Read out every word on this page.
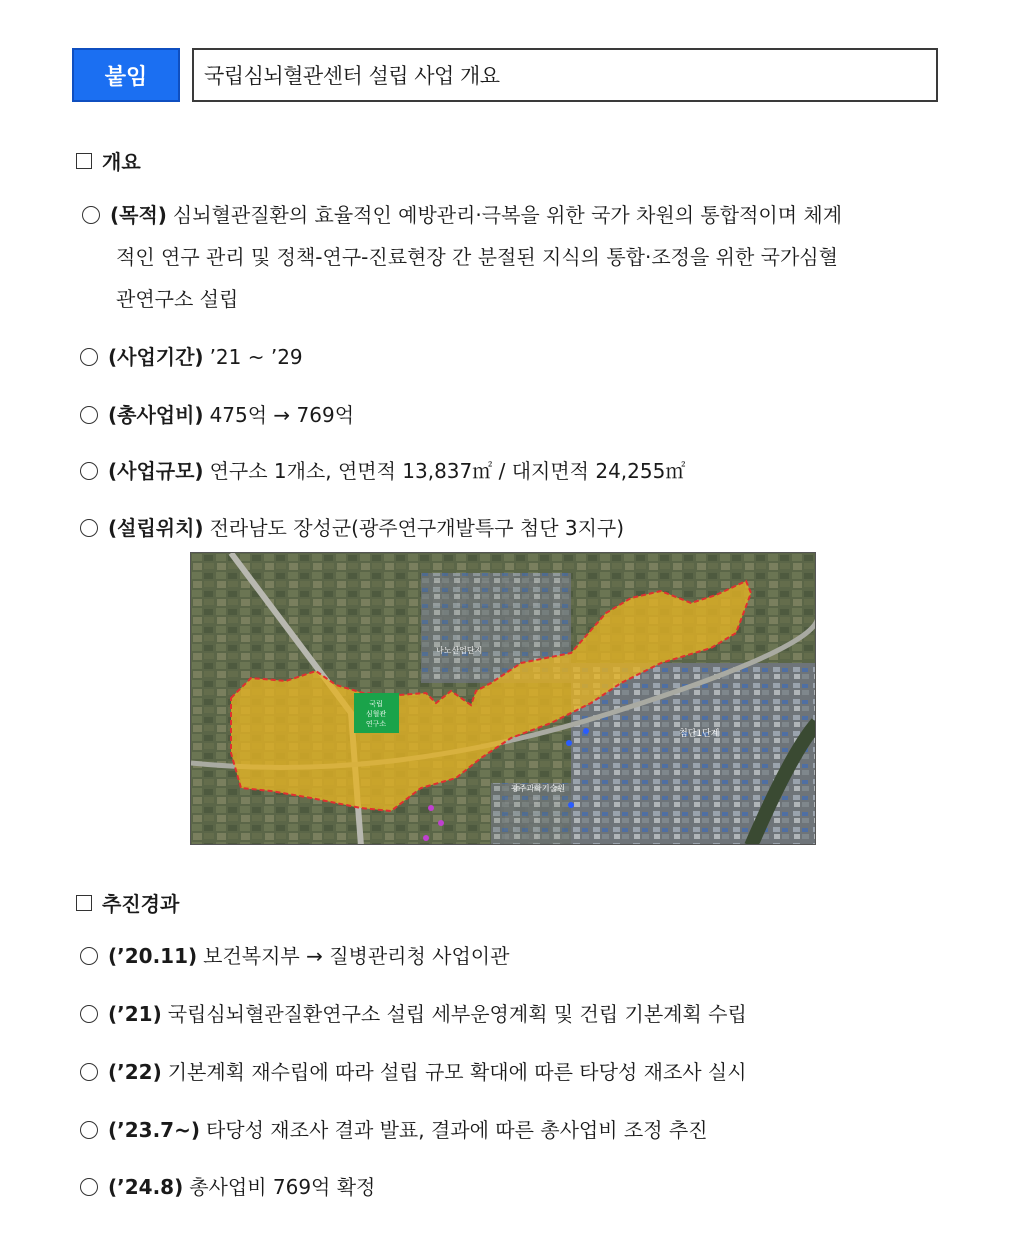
붙임	국립심뇌혈관센터 설립 사업 개요
개요
(목적) 심뇌혈관질환의 효율적인 예방관리·극복을 위한 국가 차원의 통합적이며 체계
적인 연구 관리 및 정책-연구-진료현장 간 분절된 지식의 통합·조정을 위한 국가심혈
관연구소 설립
(사업기간) ’21 ~ ’29
(총사업비) 475억 → 769억
(사업규모) 연구소 1개소, 연면적 13,837㎡ / 대지면적 24,255㎡
(설립위치) 전라남도 장성군(광주연구개발특구 첨단 3지구)
국립
심혈관
연구소
나노산업단지
첨단1단계
광주과학기술원
추진경과
(’20.11) 보건복지부 → 질병관리청 사업이관
(’21) 국립심뇌혈관질환연구소 설립 세부운영계획 및 건립 기본계획 수립
(’22) 기본계획 재수립에 따라 설립 규모 확대에 따른 타당성 재조사 실시
(’23.7~) 타당성 재조사 결과 발표, 결과에 따른 총사업비 조정 추진
(’24.8) 총사업비 769억 확정
